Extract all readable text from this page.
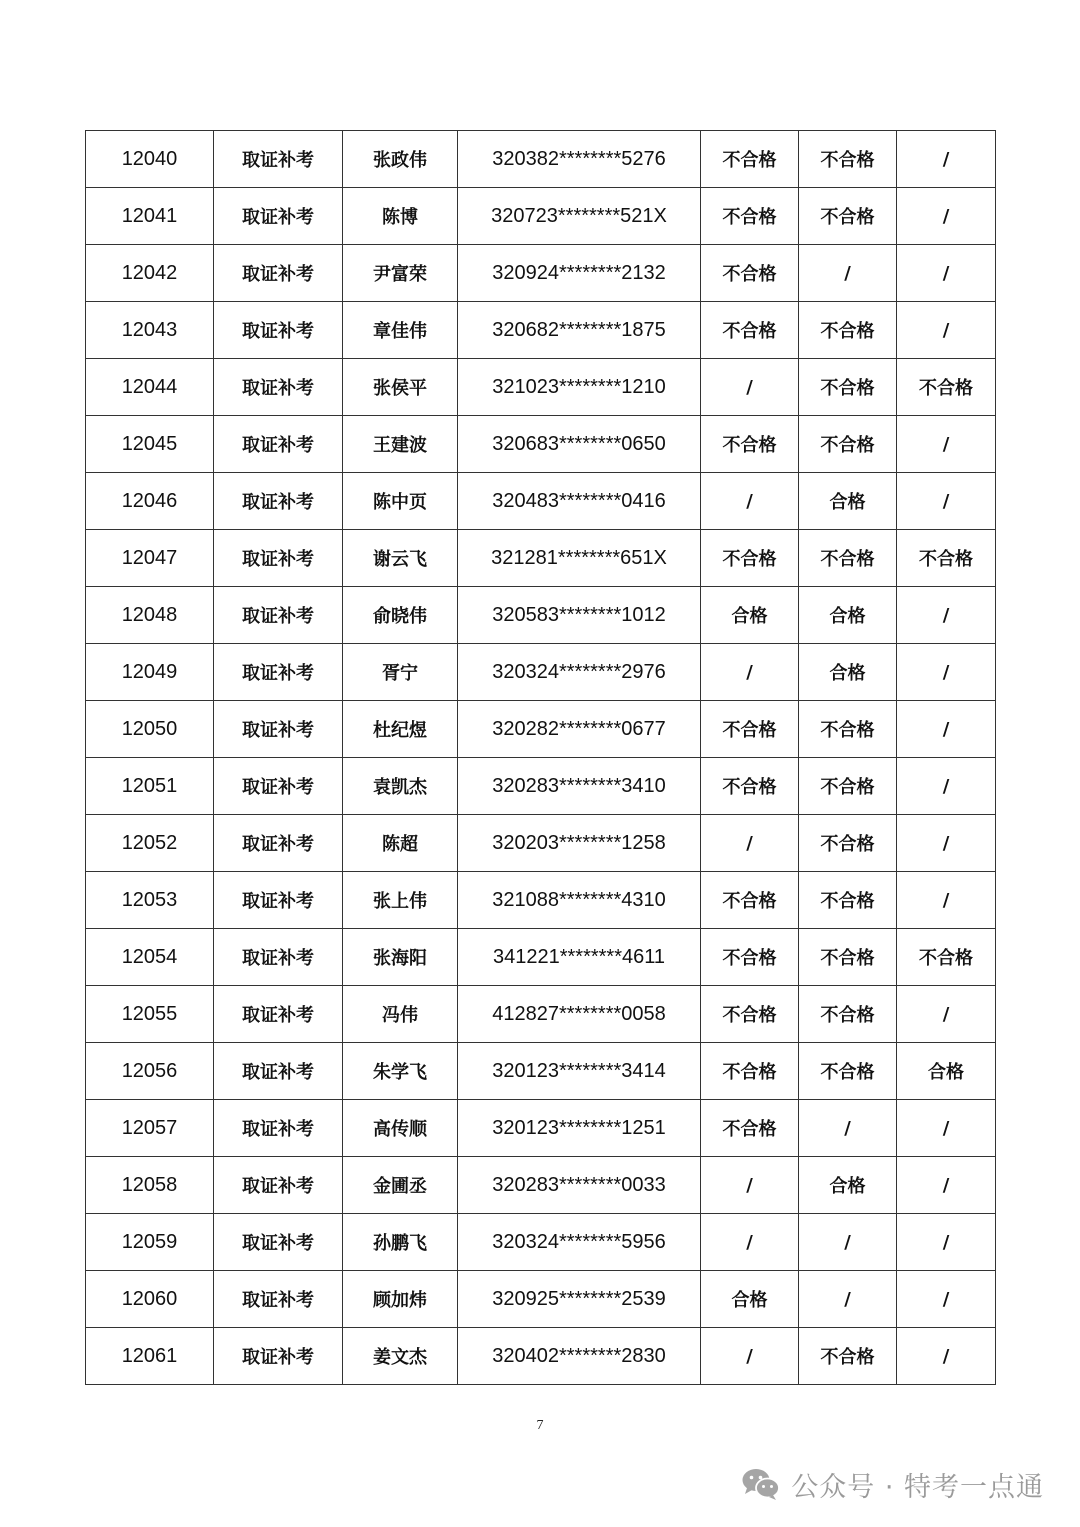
12040	取证补考	张政伟	320382********5276	不合格	不合格	/
12041	取证补考	陈博	320723********521X	不合格	不合格	/
12042	取证补考	尹富荣	320924********2132	不合格	/	/
12043	取证补考	章佳伟	320682********1875	不合格	不合格	/
12044	取证补考	张侯平	321023********1210	/	不合格	不合格
12045	取证补考	王建波	320683********0650	不合格	不合格	/
12046	取证补考	陈中页	320483********0416	/	合格	/
12047	取证补考	谢云飞	321281********651X	不合格	不合格	不合格
12048	取证补考	俞晓伟	320583********1012	合格	合格	/
12049	取证补考	胥宁	320324********2976	/	合格	/
12050	取证补考	杜纪煜	320282********0677	不合格	不合格	/
12051	取证补考	袁凯杰	320283********3410	不合格	不合格	/
12052	取证补考	陈超	320203********1258	/	不合格	/
12053	取证补考	张上伟	321088********4310	不合格	不合格	/
12054	取证补考	张海阳	341221********4611	不合格	不合格	不合格
12055	取证补考	冯伟	412827********0058	不合格	不合格	/
12056	取证补考	朱学飞	320123********3414	不合格	不合格	合格
12057	取证补考	高传顺	320123********1251	不合格	/	/
12058	取证补考	金圃丞	320283********0033	/	合格	/
12059	取证补考	孙鹏飞	320324********5956	/	/	/
12060	取证补考	顾加炜	320925********2539	合格	/	/
12061	取证补考	姜文杰	320402********2830	/	不合格	/
7
公众号 · 特考一点通
